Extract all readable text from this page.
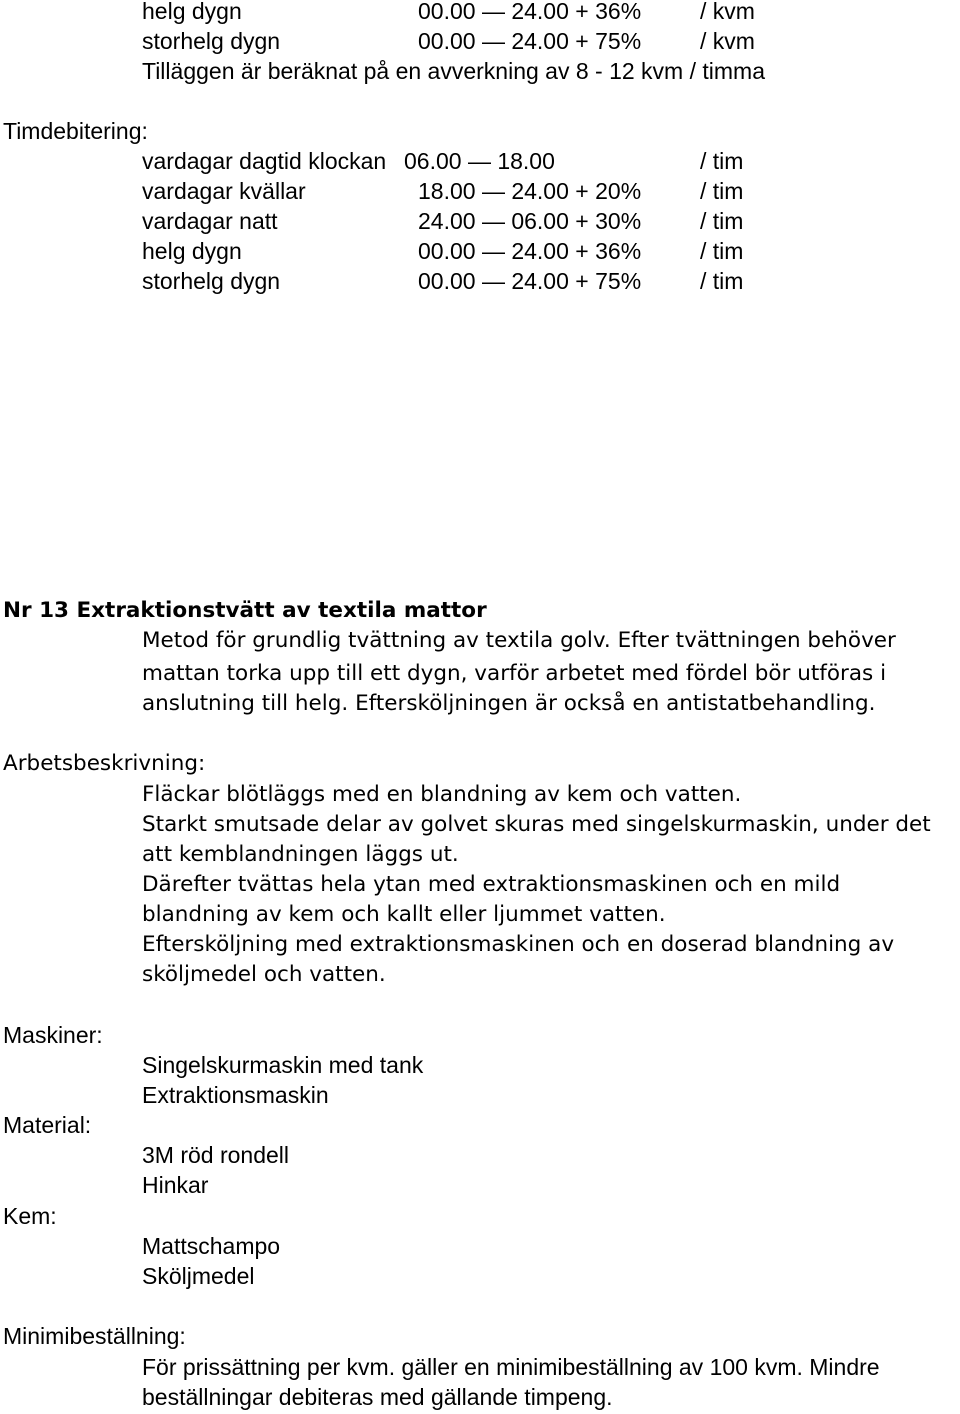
helg dygn	00.00 — 24.00 + 36%	/ kvm
storhelg dygn	00.00 — 24.00 + 75%	/ kvm
Tilläggen är beräknat på en avverkning av 8 - 12 kvm / timma
Timdebitering:
vardagar dagtid klockan 06.00 — 18.00	/ tim
vardagar kvällar	18.00 — 24.00 + 20%	/ tim
vardagar natt	24.00 — 06.00 + 30%	/ tim
helg dygn	00.00 — 24.00 + 36%	/ tim
storhelg dygn	00.00 — 24.00 + 75%	/ tim
Nr 13 Extraktionstvätt av textila mattor
Metod för grundlig tvättning av textila golv. Efter tvättningen behöver
mattan torka upp till ett dygn, varför arbetet med fördel bör utföras i
anslutning till helg. Eftersköljningen är också en antistatbehandling.
Arbetsbeskrivning:
Fläckar blötläggs med en blandning av kem och vatten.
Starkt smutsade delar av golvet skuras med singelskurmaskin, under det
att kemblandningen läggs ut.
Därefter tvättas hela ytan med extraktionsmaskinen och en mild
blandning av kem och kallt eller ljummet vatten.
Eftersköljning med extraktionsmaskinen och en doserad blandning av
sköljmedel och vatten.
Maskiner:
Singelskurmaskin med tank
Extraktionsmaskin
Material:
3M röd rondell
Hinkar
Kem:
Mattschampo
Sköljmedel
Minimibeställning:
För prissättning per kvm. gäller en minimibeställning av 100 kvm. Mindre
beställningar debiteras med gällande timpeng.
